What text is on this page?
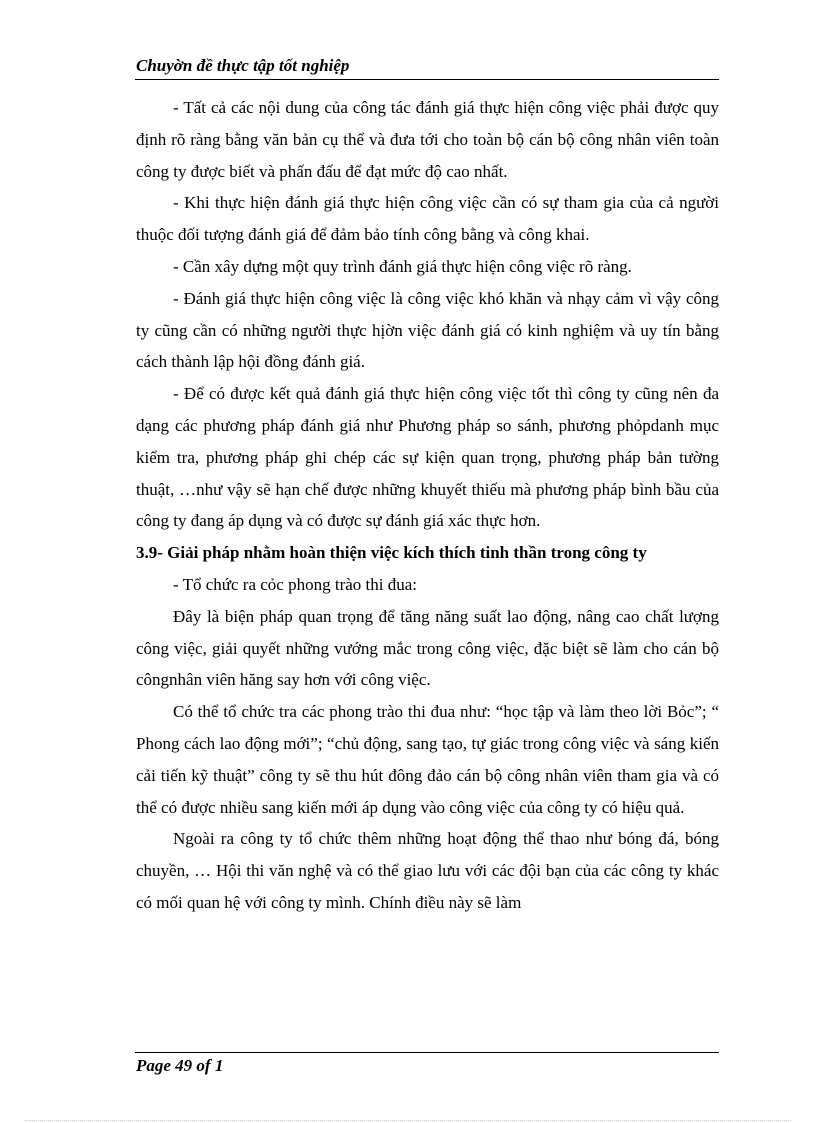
Chuyờn đề thực tập tốt nghiệp

- Tất cả các nội dung của công tác đánh giá thực hiện công việc phải được quy định rõ ràng bằng văn bản cụ thể và đưa tới cho toàn bộ cán bộ công nhân viên toàn công ty được biết và phấn đấu để đạt mức độ cao nhất.

- Khi thực hiện đánh giá thực hiện công việc cần có sự tham gia của cả người thuộc đối tượng đánh giá để đảm bảo tính công bằng và công khai.

- Cần xây dựng một quy trình đánh giá thực hiện công việc rõ ràng.

- Đánh giá thực hiện công việc là công việc khó khăn và nhạy cảm vì vậy công ty cũng cần có những người thực hịờn việc đánh giá có kinh nghiệm và uy tín bằng cách thành lập hội đồng đánh giá.

- Để có được kết quả đánh giá thực hiện công việc tốt thì công ty cũng nên đa dạng các phương pháp đánh giá như Phương pháp so sánh, phương phỏpdanh mục kiểm tra, phương pháp ghi chép các sự kiện quan trọng, phương pháp bản tường thuật, …như vậy sẽ hạn chế được những khuyết thiếu mà phương pháp bình bầu của công ty đang áp dụng và có được sự đánh giá xác thực hơn.

3.9- Giải pháp nhằm hoàn thiện việc kích thích tinh thần trong công ty

- Tổ chức ra cỏc phong trào thi đua:

Đây là biện pháp quan trọng để tăng năng suất lao động, nâng cao chất lượng công việc, giải quyết những vướng mắc trong công việc, đặc biệt sẽ làm cho cán bộ côngnhân viên hăng say hơn với công việc.

Có thể tổ chức tra các phong trào thi đua như: “học tập và làm theo lời Bỏc”; “ Phong cách lao động mới”; “chủ động, sang tạo, tự giác trong công việc và sáng kiến cải tiến kỹ thuật” công ty sẽ thu hút đông đảo cán bộ công nhân viên tham gia và có thể có được nhiều sang kiến mới áp dụng vào công việc của công ty có hiệu quả.

Ngoài ra công ty tổ chức thêm những hoạt động thể thao như bóng đá, bóng chuyền, … Hội thi văn nghệ và có thể giao lưu với các đội bạn của các công ty khác có mối quan hệ với công ty mình. Chính điều này sẽ làm

Page 49 of 1
